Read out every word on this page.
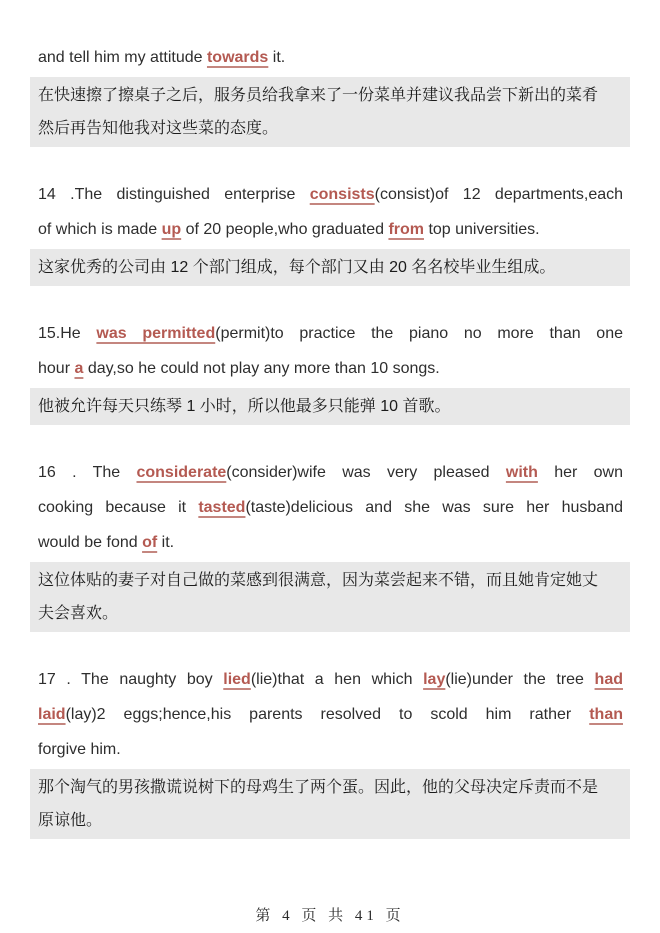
and tell him my attitude towards it.
在快速擦了擦桌子之后，服务员给我拿来了一份菜单并建议我品尝下新出的菜肴
然后再告知他我对这些菜的态度。
14 .The distinguished enterprise consists(consist)of 12 departments,each
of which is made up of 20 people,who graduated from top universities.
这家优秀的公司由 12 个部门组成，每个部门又由 20 名名校毕业生组成。
15.He was permitted(permit)to practice the piano no more than one
hour a day,so he could not play any more than 10 songs.
他被允许每天只练琴 1 小时，所以他最多只能弹 10 首歌。
16 . The considerate(consider)wife was very pleased with her own
cooking because it tasted(taste)delicious and she was sure her husband
would be fond of it.
这位体贴的妻子对自己做的菜感到很满意，因为菜尝起来不错，而且她肯定她丈
夫会喜欢。
17 . The naughty boy lied(lie)that a hen which lay(lie)under the tree had
laid(lay)2 eggs;hence,his parents resolved to scold him rather than
forgive him.
那个淘气的男孩撒谎说树下的母鸡生了两个蛋。因此，他的父母决定斥责而不是
原谅他。
第 4 页 共 41 页
